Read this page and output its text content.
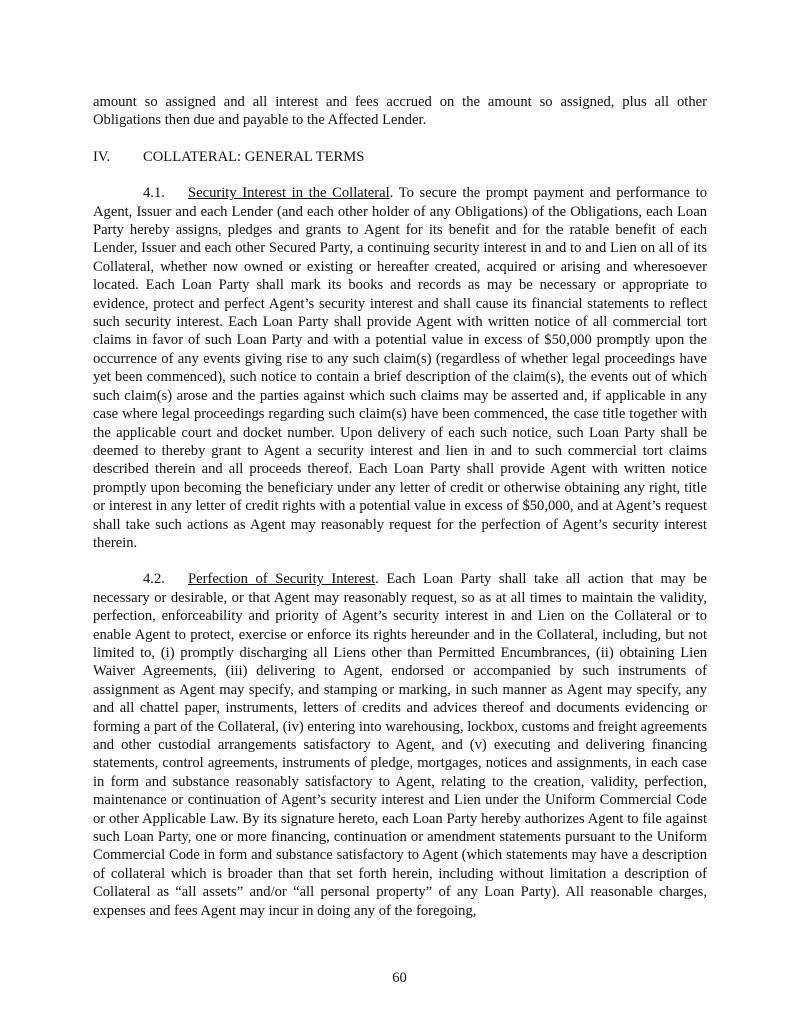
amount so assigned and all interest and fees accrued on the amount so assigned, plus all other Obligations then due and payable to the Affected Lender.

IV.	COLLATERAL: GENERAL TERMS

4.1. Security Interest in the Collateral. To secure the prompt payment and performance to Agent, Issuer and each Lender (and each other holder of any Obligations) of the Obligations, each Loan Party hereby assigns, pledges and grants to Agent for its benefit and for the ratable benefit of each Lender, Issuer and each other Secured Party, a continuing security interest in and to and Lien on all of its Collateral, whether now owned or existing or hereafter created, acquired or arising and wheresoever located. Each Loan Party shall mark its books and records as may be necessary or appropriate to evidence, protect and perfect Agent’s security interest and shall cause its financial statements to reflect such security interest. Each Loan Party shall provide Agent with written notice of all commercial tort claims in favor of such Loan Party and with a potential value in excess of $50,000 promptly upon the occurrence of any events giving rise to any such claim(s) (regardless of whether legal proceedings have yet been commenced), such notice to contain a brief description of the claim(s), the events out of which such claim(s) arose and the parties against which such claims may be asserted and, if applicable in any case where legal proceedings regarding such claim(s) have been commenced, the case title together with the applicable court and docket number. Upon delivery of each such notice, such Loan Party shall be deemed to thereby grant to Agent a security interest and lien in and to such commercial tort claims described therein and all proceeds thereof. Each Loan Party shall provide Agent with written notice promptly upon becoming the beneficiary under any letter of credit or otherwise obtaining any right, title or interest in any letter of credit rights with a potential value in excess of $50,000, and at Agent’s request shall take such actions as Agent may reasonably request for the perfection of Agent’s security interest therein.

4.2. Perfection of Security Interest. Each Loan Party shall take all action that may be necessary or desirable, or that Agent may reasonably request, so as at all times to maintain the validity, perfection, enforceability and priority of Agent’s security interest in and Lien on the Collateral or to enable Agent to protect, exercise or enforce its rights hereunder and in the Collateral, including, but not limited to, (i) promptly discharging all Liens other than Permitted Encumbrances, (ii) obtaining Lien Waiver Agreements, (iii) delivering to Agent, endorsed or accompanied by such instruments of assignment as Agent may specify, and stamping or marking, in such manner as Agent may specify, any and all chattel paper, instruments, letters of credits and advices thereof and documents evidencing or forming a part of the Collateral, (iv) entering into warehousing, lockbox, customs and freight agreements and other custodial arrangements satisfactory to Agent, and (v) executing and delivering financing statements, control agreements, instruments of pledge, mortgages, notices and assignments, in each case in form and substance reasonably satisfactory to Agent, relating to the creation, validity, perfection, maintenance or continuation of Agent’s security interest and Lien under the Uniform Commercial Code or other Applicable Law. By its signature hereto, each Loan Party hereby authorizes Agent to file against such Loan Party, one or more financing, continuation or amendment statements pursuant to the Uniform Commercial Code in form and substance satisfactory to Agent (which statements may have a description of collateral which is broader than that set forth herein, including without limitation a description of Collateral as “all assets” and/or “all personal property” of any Loan Party). All reasonable charges, expenses and fees Agent may incur in doing any of the foregoing,

60
